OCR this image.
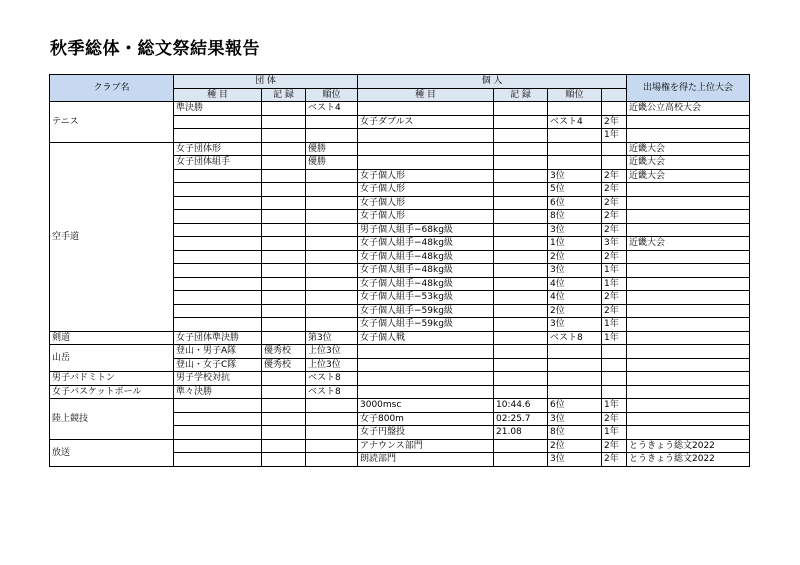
秋季総体・総文祭結果報告
クラブ名	団 体			個 人				出場権を得た上位大会
	種 目	記 録	順位	種 目	記 録	順位		
テニス	準決勝		ベスト4					近畿公立高校大会
				女子ダブルス		ベスト4	2年	
							1年	
空手道	女子団体形		優勝					近畿大会
	女子団体組手		優勝					近畿大会
				女子個人形		3位	2年	近畿大会
				女子個人形		5位	2年	
				女子個人形		6位	2年	
				女子個人形		8位	2年	
				男子個人組手−68kg級		3位	2年	
				女子個人組手−48kg級		1位	3年	近畿大会
				女子個人組手−48kg級		2位	2年	
				女子個人組手−48kg級		3位	1年	
				女子個人組手−48kg級		4位	1年	
				女子個人組手−53kg級		4位	2年	
				女子個人組手−59kg級		2位	2年	
				女子個人組手−59kg級		3位	1年	
剣道	女子団体準決勝		第3位	女子個人戦		ベスト8	1年	
山岳	登山・男子A隊	優秀校	上位3位					
	登山・女子C隊	優秀校	上位3位					
男子バドミトン	男子学校対抗		ベスト8					
女子バスケットボール	準々決勝		ベスト8					
陸上競技				3000msc	10:44.6	6位	1年	
				女子800m	02:25.7	3位	2年	
				女子円盤投	21.08	8位	1年	
放送				アナウンス部門		2位	2年	とうきょう総文2022
				朗読部門		3位	2年	とうきょう総文2022
